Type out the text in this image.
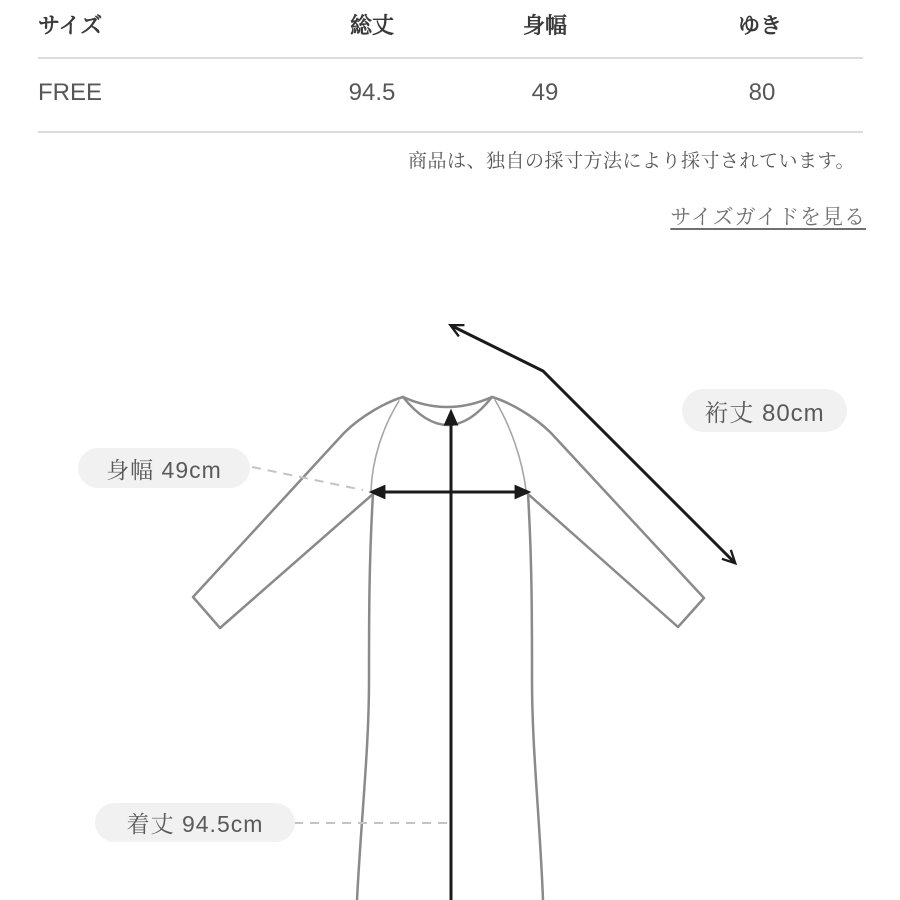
サイズ	総丈	身幅	ゆき
FREE	94.5	49	80
商品は、独自の採寸方法により採寸されています。
サイズガイドを見る
身幅 49cm
裄丈 80cm
着丈 94.5cm
